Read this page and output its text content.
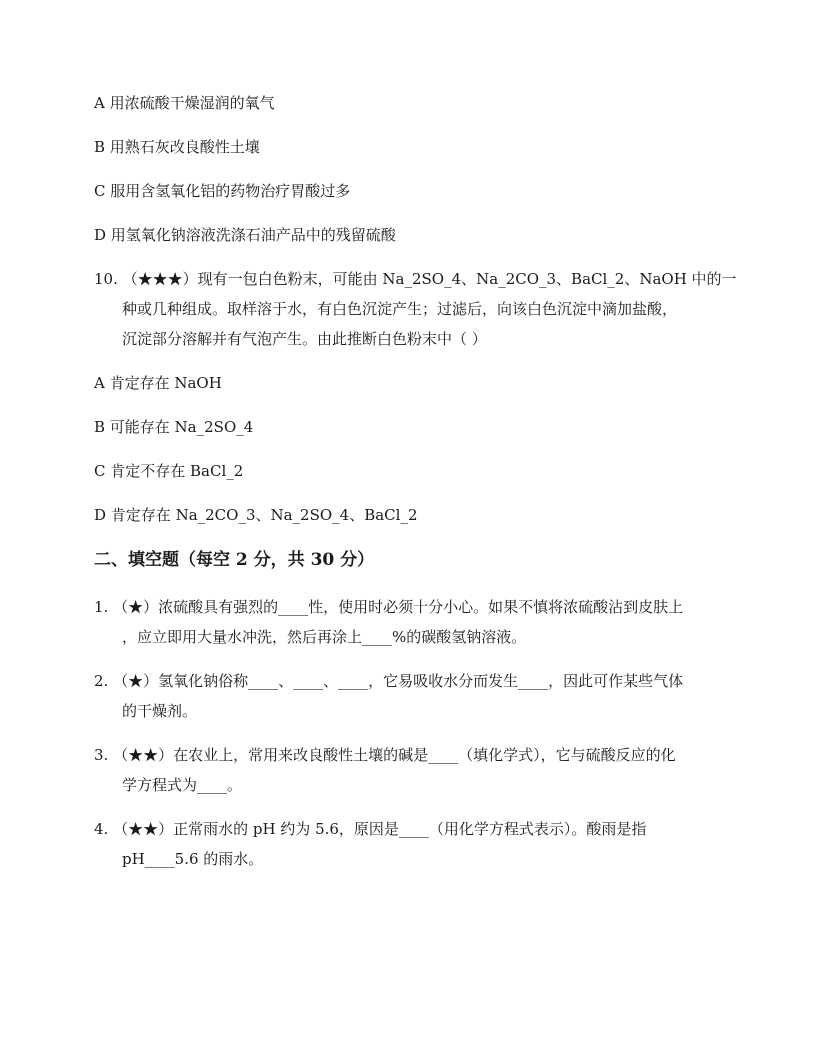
A 用浓硫酸干燥湿润的氧气

B 用熟石灰改良酸性土壤

C 服用含氢氧化铝的药物治疗胃酸过多

D 用氢氧化钠溶液洗涤石油产品中的残留硫酸

10. （★★★）现有一包白色粉末，可能由 Na_2SO_4、Na_2CO_3、BaCl_2、NaOH 中的一

种或几种组成。取样溶于水，有白色沉淀产生；过滤后，向该白色沉淀中滴加盐酸，

沉淀部分溶解并有气泡产生。由此推断白色粉末中（ ）

A 肯定存在 NaOH

B 可能存在 Na_2SO_4

C 肯定不存在 BaCl_2

D 肯定存在 Na_2CO_3、Na_2SO_4、BaCl_2

二、填空题（每空 2 分，共 30 分）

1. （★）浓硫酸具有强烈的____性，使用时必须十分小心。如果不慎将浓硫酸沾到皮肤上

，应立即用大量水冲洗，然后再涂上____%的碳酸氢钠溶液。

2. （★）氢氧化钠俗称____、____、____，它易吸收水分而发生____，因此可作某些气体

的干燥剂。

3. （★★）在农业上，常用来改良酸性土壤的碱是____（填化学式），它与硫酸反应的化

学方程式为____。

4. （★★）正常雨水的 pH 约为 5.6，原因是____（用化学方程式表示）。酸雨是指

pH____5.6 的雨水。
